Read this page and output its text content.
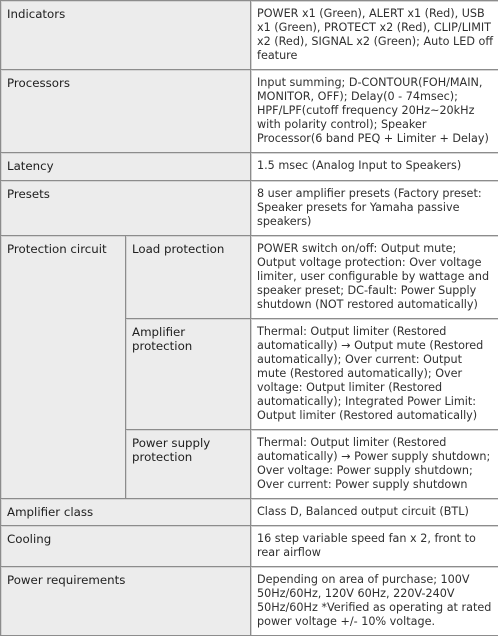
Indicators		POWER x1 (Green), ALERT x1 (Red), USB x1 (Green), PROTECT x2 (Red), CLIP/LIMIT x2 (Red), SIGNAL x2 (Green); Auto LED off feature
Processors		Input summing; D-CONTOUR(FOH/MAIN, MONITOR, OFF); Delay(0 - 74msec); HPF/LPF(cutoff frequency 20Hz~20kHz with polarity control); Speaker Processor(6 band PEQ + Limiter + Delay)
Latency		1.5 msec (Analog Input to Speakers)
Presets		8 user amplifier presets (Factory preset: Speaker presets for Yamaha passive speakers)
Protection circuit	Load protection	POWER switch on/off: Output mute; Output voltage protection: Over voltage limiter, user configurable by wattage and speaker preset; DC-fault: Power Supply shutdown (NOT restored automatically)
	Amplifier protection	Thermal: Output limiter (Restored automatically) → Output mute (Restored automatically); Over current: Output mute (Restored automatically); Over voltage: Output limiter (Restored automatically); Integrated Power Limit: Output limiter (Restored automatically)
	Power supply protection	Thermal: Output limiter (Restored automatically) → Power supply shutdown; Over voltage: Power supply shutdown; Over current: Power supply shutdown
Amplifier class		Class D, Balanced output circuit (BTL)
Cooling		16 step variable speed fan x 2, front to rear airflow
Power requirements		Depending on area of purchase; 100V 50Hz/60Hz, 120V 60Hz, 220V-240V 50Hz/60Hz *Verified as operating at rated power voltage +/- 10% voltage.
